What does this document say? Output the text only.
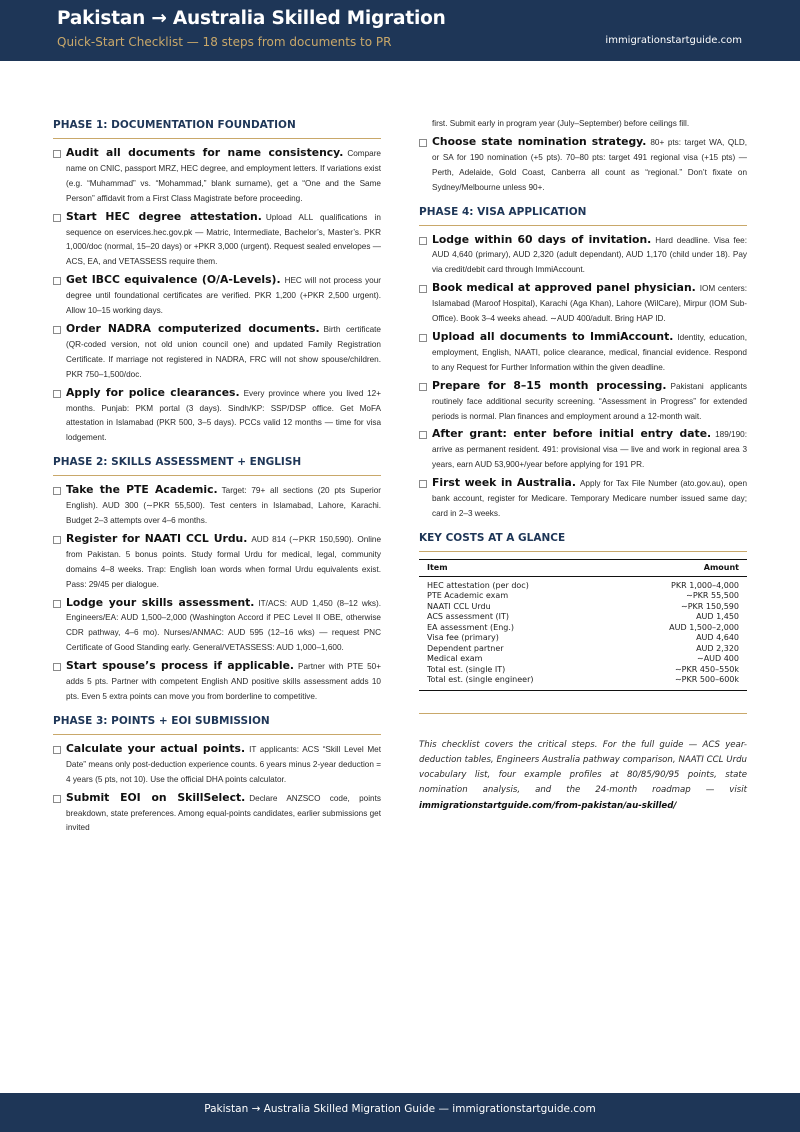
Pakistan → Australia Skilled Migration
Quick-Start Checklist — 18 steps from documents to PR	immigrationstartguide.com
PHASE 1: DOCUMENTATION FOUNDATION
Audit all documents for name consistency. Compare name on CNIC, passport MRZ, HEC degree, and employment letters. If variations exist (e.g. “Muhammad” vs. “Mohammad,” blank surname), get a “One and the Same Person” affidavit from a First Class Magistrate before proceeding.
Start HEC degree attestation. Upload ALL qualifications in sequence on eservices.hec.gov.pk — Matric, Intermediate, Bachelor’s, Master’s. PKR 1,000/doc (normal, 15–20 days) or +PKR 3,000 (urgent). Request sealed envelopes — ACS, EA, and VETASSESS require them.
Get IBCC equivalence (O/A-Levels). HEC will not process your degree until foundational certificates are verified. PKR 1,200 (+PKR 2,500 urgent). Allow 10–15 working days.
Order NADRA computerized documents. Birth certificate (QR-coded version, not old union council one) and updated Family Registration Certificate. If marriage not registered in NADRA, FRC will not show spouse/children. PKR 750–1,500/doc.
Apply for police clearances. Every province where you lived 12+ months. Punjab: PKM portal (3 days). Sindh/KP: SSP/DSP office. Get MoFA attestation in Islamabad (PKR 500, 3–5 days). PCCs valid 12 months — time for visa lodgement.
PHASE 2: SKILLS ASSESSMENT + ENGLISH
Take the PTE Academic. Target: 79+ all sections (20 pts Superior English). AUD 300 (∼PKR 55,500). Test centers in Islamabad, Lahore, Karachi. Budget 2–3 attempts over 4–6 months.
Register for NAATI CCL Urdu. AUD 814 (∼PKR 150,590). Online from Pakistan. 5 bonus points. Study formal Urdu for medical, legal, community domains 4–8 weeks. Trap: English loan words when formal Urdu equivalents exist. Pass: 29/45 per dialogue.
Lodge your skills assessment. IT/ACS: AUD 1,450 (8–12 wks). Engineers/EA: AUD 1,500–2,000 (Washington Accord if PEC Level II OBE, otherwise CDR pathway, 4–6 mo). Nurses/ANMAC: AUD 595 (12–16 wks) — request PNC Certificate of Good Standing early. General/VETASSESS: AUD 1,000–1,600.
Start spouse’s process if applicable. Partner with PTE 50+ adds 5 pts. Partner with competent English AND positive skills assessment adds 10 pts. Even 5 extra points can move you from borderline to competitive.
PHASE 3: POINTS + EOI SUBMISSION
Calculate your actual points. IT applicants: ACS “Skill Level Met Date” means only post-deduction experience counts. 6 years minus 2-year deduction = 4 years (5 pts, not 10). Use the official DHA points calculator.
Submit EOI on SkillSelect. Declare ANZSCO code, points breakdown, state preferences. Among equal-points candidates, earlier submissions get invited
first. Submit early in program year (July–September) before ceilings fill.
Choose state nomination strategy. 80+ pts: target WA, QLD, or SA for 190 nomination (+5 pts). 70–80 pts: target 491 regional visa (+15 pts) — Perth, Adelaide, Gold Coast, Canberra all count as “regional.” Don’t fixate on Sydney/Melbourne unless 90+.
PHASE 4: VISA APPLICATION
Lodge within 60 days of invitation. Hard deadline. Visa fee: AUD 4,640 (primary), AUD 2,320 (adult dependant), AUD 1,170 (child under 18). Pay via credit/debit card through ImmiAccount.
Book medical at approved panel physician. IOM centers: Islamabad (Maroof Hospital), Karachi (Aga Khan), Lahore (WilCare), Mirpur (IOM Sub-Office). Book 3–4 weeks ahead. ∼AUD 400/adult. Bring HAP ID.
Upload all documents to ImmiAccount. Identity, education, employment, English, NAATI, police clearance, medical, financial evidence. Respond to any Request for Further Information within the given deadline.
Prepare for 8–15 month processing. Pakistani applicants routinely face additional security screening. “Assessment in Progress” for extended periods is normal. Plan finances and employment around a 12-month wait.
After grant: enter before initial entry date. 189/190: arrive as permanent resident. 491: provisional visa — live and work in regional area 3 years, earn AUD 53,900+/year before applying for 191 PR.
First week in Australia. Apply for Tax File Number (ato.gov.au), open bank account, register for Medicare. Temporary Medicare number issued same day; card in 2–3 weeks.
KEY COSTS AT A GLANCE
Item	Amount
HEC attestation (per doc)	PKR 1,000–4,000
PTE Academic exam	∼PKR 55,500
NAATI CCL Urdu	∼PKR 150,590
ACS assessment (IT)	AUD 1,450
EA assessment (Eng.)	AUD 1,500–2,000
Visa fee (primary)	AUD 4,640
Dependent partner	AUD 2,320
Medical exam	∼AUD 400
Total est. (single IT)	∼PKR 450–550k
Total est. (single engineer)	∼PKR 500–600k
This checklist covers the critical steps. For the full guide — ACS year-deduction tables, Engineers Australia pathway comparison, NAATI CCL Urdu vocabulary list, four example profiles at 80/85/90/95 points, state nomination analysis, and the 24-month roadmap — visit immigrationstartguide.com/from-pakistan/au-skilled/
Pakistan → Australia Skilled Migration Guide — immigrationstartguide.com
